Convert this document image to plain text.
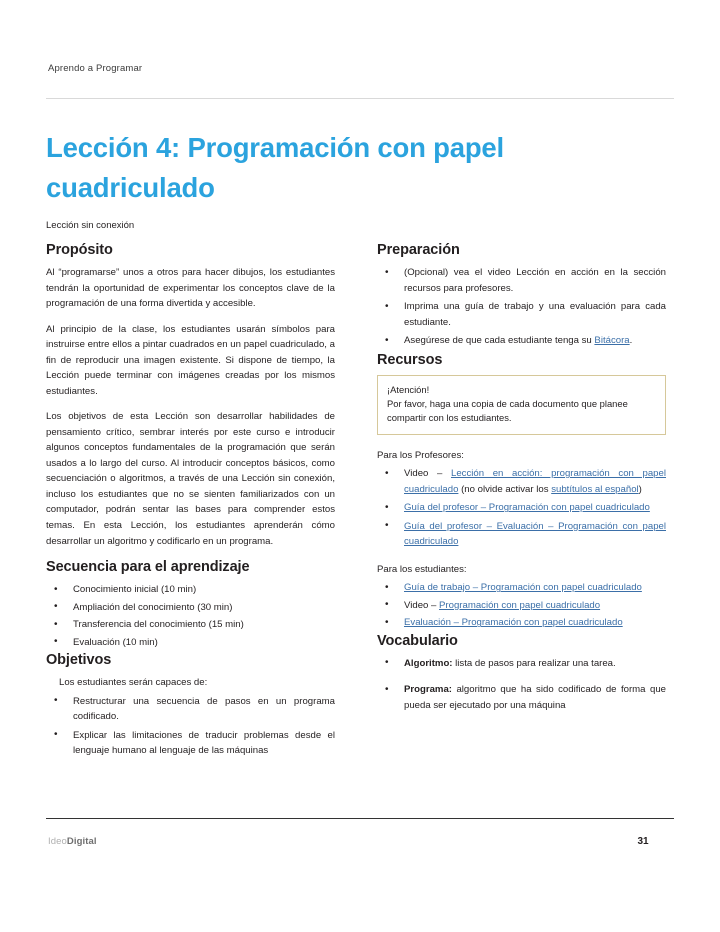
Aprendo a Programar
Lección 4: Programación con papel cuadriculado
Lección sin conexión
Propósito

Al “programarse” unos a otros para hacer dibujos, los estudiantes tendrán la oportunidad de experimentar los conceptos clave de la programación de una forma divertida y accesible.

Al principio de la clase, los estudiantes usarán símbolos para instruirse entre ellos a pintar cuadrados en un papel cuadriculado, a fin de reproducir una imagen existente. Si dispone de tiempo, la Lección puede terminar con imágenes creadas por los mismos estudiantes.

Los objetivos de esta Lección son desarrollar habilidades de pensamiento crítico, sembrar interés por este curso e introducir algunos conceptos fundamentales de la programación que serán usados a lo largo del curso. Al introducir conceptos básicos, como secuenciación o algoritmos, a través de una Lección sin conexión, incluso los estudiantes que no se sienten familiarizados con un computador, podrán sentar las bases para comprender estos temas. En esta Lección, los estudiantes aprenderán cómo desarrollar un algoritmo y codificarlo en un programa.

Secuencia para el aprendizaje
• Conocimiento inicial (10 min)
• Ampliación del conocimiento (30 min)
• Transferencia del conocimiento (15 min)
• Evaluación (10 min)
Objetivos
Los estudiantes serán capaces de:
• Restructurar una secuencia de pasos en un programa codificado.
• Explicar las limitaciones de traducir problemas desde el lenguaje humano al lenguaje de las máquinas
Preparación
• (Opcional) vea el video Lección en acción en la sección recursos para profesores.
• Imprima una guía de trabajo y una evaluación para cada estudiante.
• Asegúrese de que cada estudiante tenga su Bitácora.
Recursos
¡Atención!
Por favor, haga una copia de cada documento que planee compartir con los estudiantes.
Para los Profesores:
• Video – Lección en acción: programación con papel cuadriculado (no olvide activar los subtítulos al español)
• Guía del profesor – Programación con papel cuadriculado
• Guía del profesor – Evaluación – Programación con papel cuadriculado
Para los estudiantes:
• Guía de trabajo – Programación con papel cuadriculado
• Video – Programación con papel cuadriculado
• Evaluación – Programación con papel cuadriculado
Vocabulario
• Algoritmo: lista de pasos para realizar una tarea.
• Programa: algoritmo que ha sido codificado de forma que pueda ser ejecutado por una máquina
IdeoDigital	31
